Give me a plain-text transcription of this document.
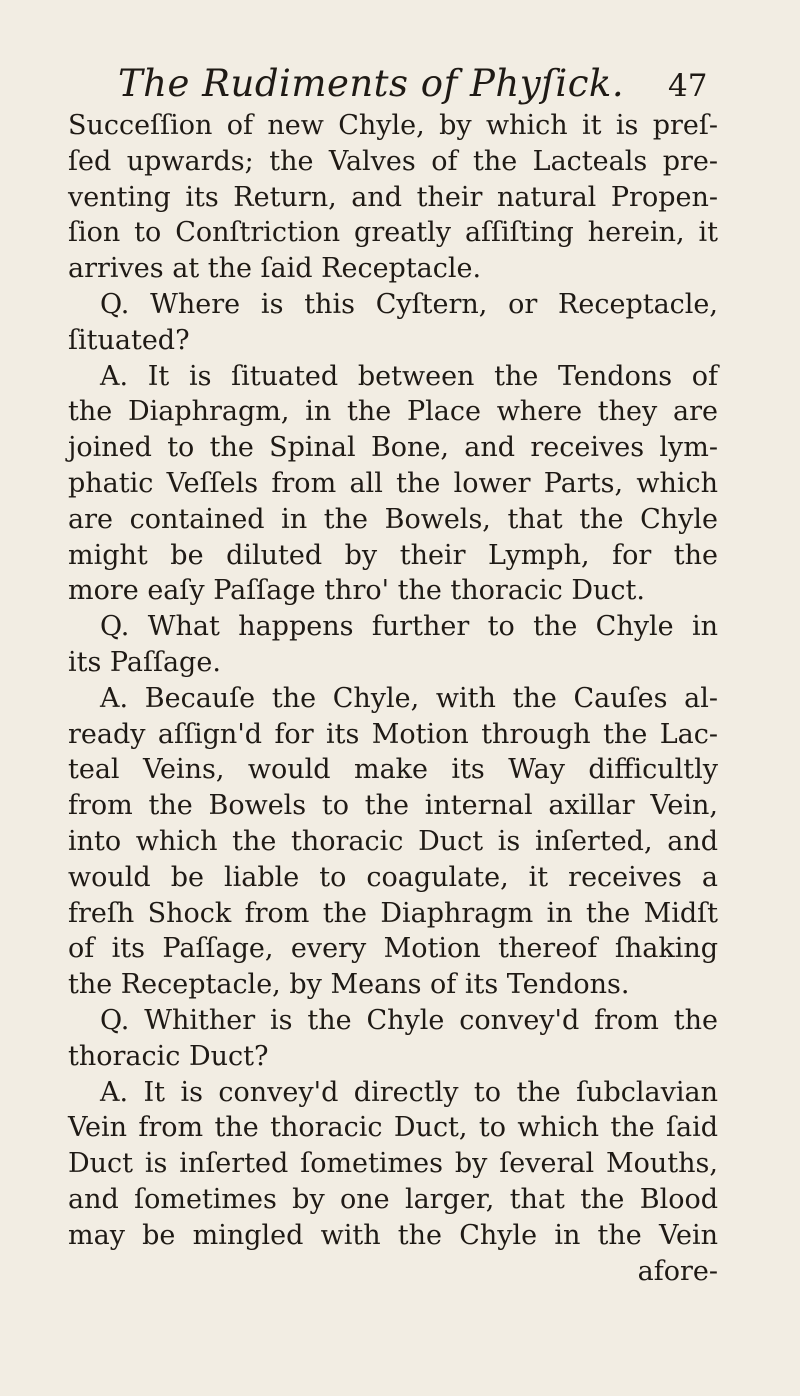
The Rudiments of Phyſick. 47
Succeſſion of new Chyle, by which it is preſ-
ſed upwards; the Valves of the Lacteals pre-
venting its Return, and their natural Propen-
ſion to Conſtriction greatly aſſiſting herein, it
arrives at the ſaid Receptacle.
Q. Where is this Cyſtern, or Receptacle,
ſituated?
A. It is ſituated between the Tendons of
the Diaphragm, in the Place where they are
joined to the Spinal Bone, and receives lym-
phatic Veſſels from all the lower Parts, which
are contained in the Bowels, that the Chyle
might be diluted by their Lymph, for the
more eaſy Paſſage thro' the thoracic Duct.
Q. What happens further to the Chyle in
its Paſſage.
A. Becauſe the Chyle, with the Cauſes al-
ready aſſign'd for its Motion through the Lac-
teal Veins, would make its Way difficultly
from the Bowels to the internal axillar Vein,
into which the thoracic Duct is inſerted, and
would be liable to coagulate, it receives a
freſh Shock from the Diaphragm in the Midſt
of its Paſſage, every Motion thereof ſhaking
the Receptacle, by Means of its Tendons.
Q. Whither is the Chyle convey'd from the
thoracic Duct?
A. It is convey'd directly to the ſubclavian
Vein from the thoracic Duct, to which the ſaid
Duct is inſerted ſometimes by ſeveral Mouths,
and ſometimes by one larger, that the Blood
may be mingled with the Chyle in the Vein
afore-
